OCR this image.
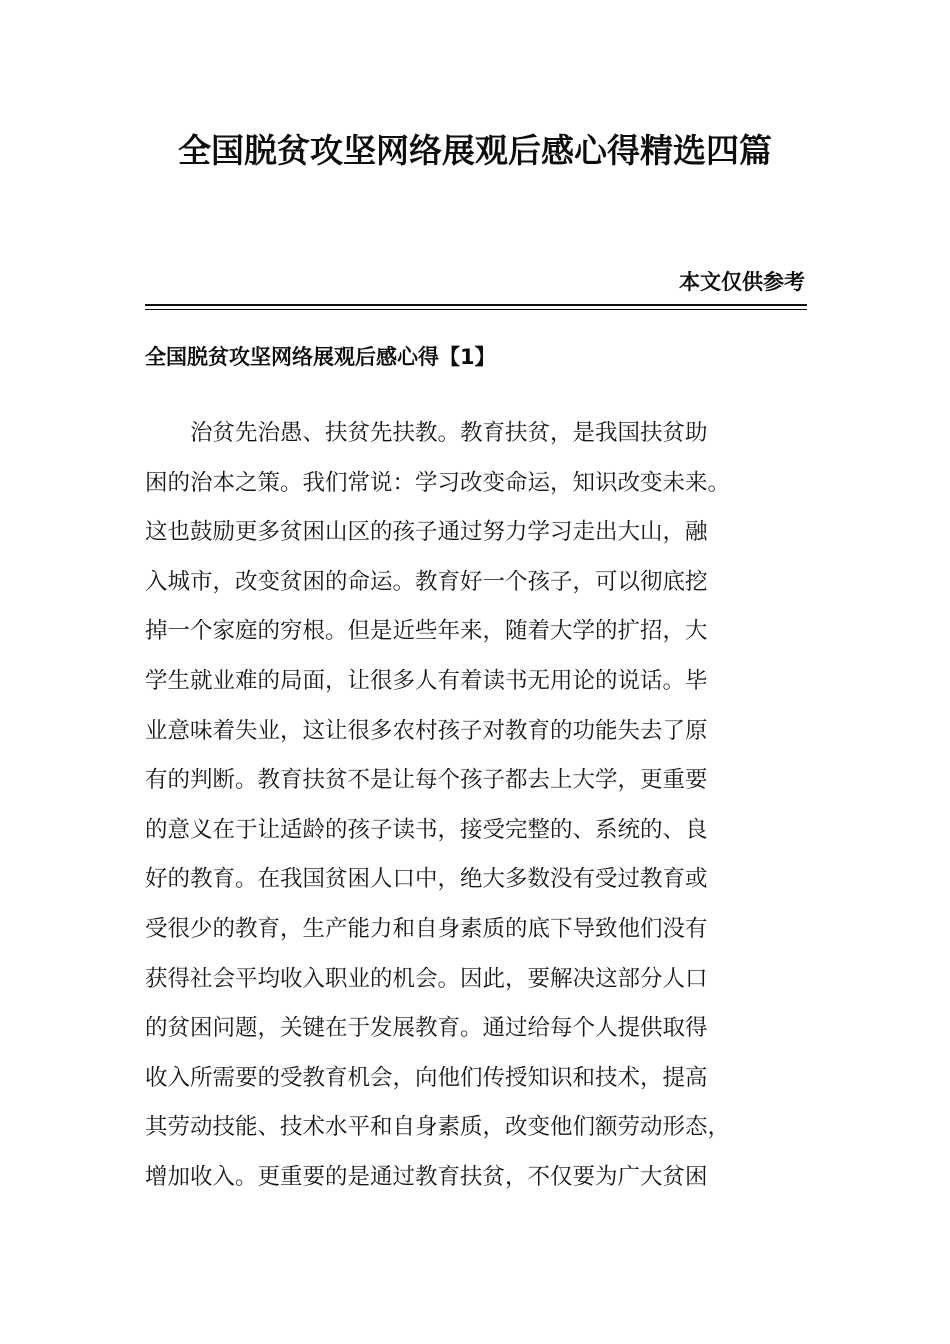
全国脱贫攻坚网络展观后感心得精选四篇
本文仅供参考
全国脱贫攻坚网络展观后感心得【1】
　　治贫先治愚、扶贫先扶教。教育扶贫，是我国扶贫助
困的治本之策。我们常说：学习改变命运，知识改变未来。
这也鼓励更多贫困山区的孩子通过努力学习走出大山，融
入城市，改变贫困的命运。教育好一个孩子，可以彻底挖
掉一个家庭的穷根。但是近些年来，随着大学的扩招，大
学生就业难的局面，让很多人有着读书无用论的说话。毕
业意味着失业，这让很多农村孩子对教育的功能失去了原
有的判断。教育扶贫不是让每个孩子都去上大学，更重要
的意义在于让适龄的孩子读书，接受完整的、系统的、良
好的教育。在我国贫困人口中，绝大多数没有受过教育或
受很少的教育，生产能力和自身素质的底下导致他们没有
获得社会平均收入职业的机会。因此，要解决这部分人口
的贫困问题，关键在于发展教育。通过给每个人提供取得
收入所需要的受教育机会，向他们传授知识和技术，提高
其劳动技能、技术水平和自身素质，改变他们额劳动形态，
增加收入。更重要的是通过教育扶贫，不仅要为广大贫困
